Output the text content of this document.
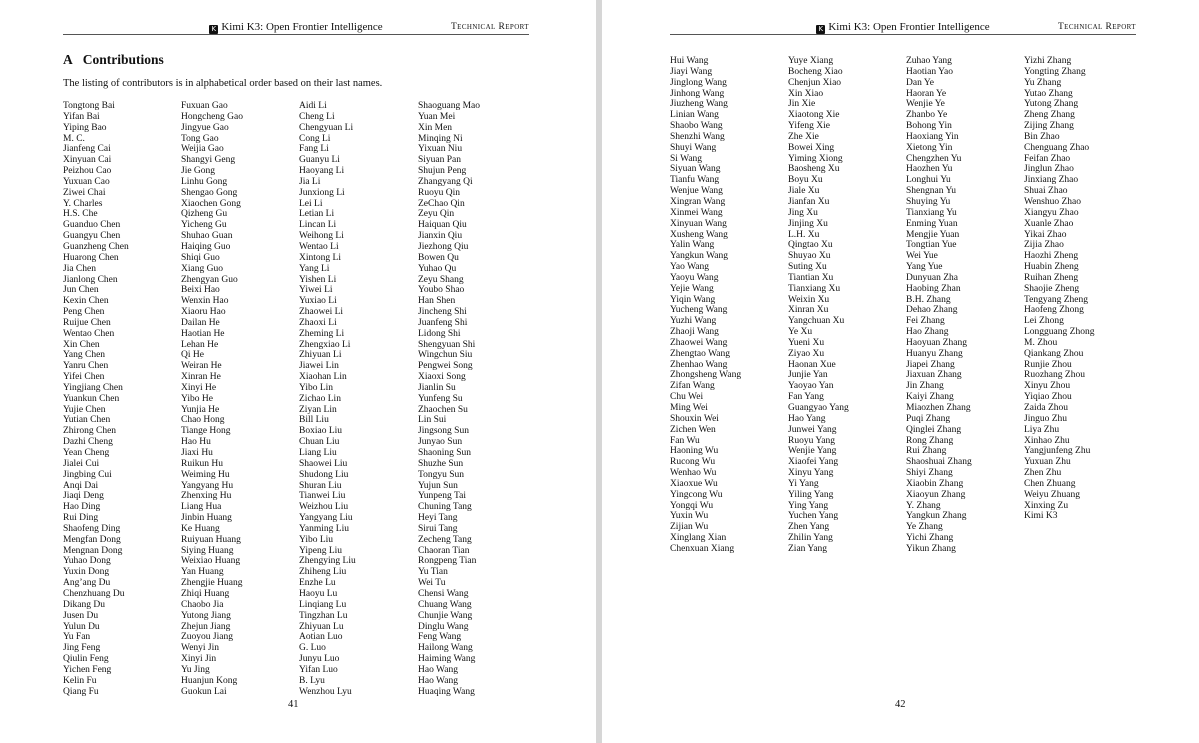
K Kimi K3: Open Frontier Intelligence	Technical Report
A Contributions
The listing of contributors is in alphabetical order based on their last names.
Tongtong Bai
Yifan Bai
Yiping Bao
M. C.
Jianfeng Cai
Xinyuan Cai
Peizhou Cao
Yuxuan Cao
Ziwei Chai
Y. Charles
H.S. Che
Guanduo Chen
Guangyu Chen
Guanzheng Chen
Huarong Chen
Jia Chen
Jianlong Chen
Jun Chen
Kexin Chen
Peng Chen
Ruijue Chen
Wentao Chen
Xin Chen
Yang Chen
Yanru Chen
Yifei Chen
Yingjiang Chen
Yuankun Chen
Yujie Chen
Yutian Chen
Zhirong Chen
Dazhi Cheng
Yean Cheng
Jialei Cui
Jingbing Cui
Anqi Dai
Jiaqi Deng
Hao Ding
Rui Ding
Shaofeng Ding
Mengfan Dong
Mengnan Dong
Yuhao Dong
Yuxin Dong
Ang’ang Du
Chenzhuang Du
Dikang Du
Jusen Du
Yulun Du
Yu Fan
Jing Feng
Qiulin Feng
Yichen Feng
Kelin Fu
Qiang Fu
Fuxuan Gao
Hongcheng Gao
Jingyue Gao
Tong Gao
Weijia Gao
Shangyi Geng
Jie Gong
Linhu Gong
Shengao Gong
Xiaochen Gong
Qizheng Gu
Yicheng Gu
Shuhao Guan
Haiqing Guo
Shiqi Guo
Xiang Guo
Zhengyan Guo
Beixi Hao
Wenxin Hao
Xiaoru Hao
Dailan He
Haotian He
Lehan He
Qi He
Weiran He
Xinran He
Xinyi He
Yibo He
Yunjia He
Chao Hong
Tiange Hong
Hao Hu
Jiaxi Hu
Ruikun Hu
Weiming Hu
Yangyang Hu
Zhenxing Hu
Liang Hua
Jinbin Huang
Ke Huang
Ruiyuan Huang
Siying Huang
Weixiao Huang
Yan Huang
Zhengjie Huang
Zhiqi Huang
Chaobo Jia
Yutong Jiang
Zhejun Jiang
Zuoyou Jiang
Wenyi Jin
Xinyi Jin
Yu Jing
Huanjun Kong
Guokun Lai
Aidi Li
Cheng Li
Chengyuan Li
Cong Li
Fang Li
Guanyu Li
Haoyang Li
Jia Li
Junxiong Li
Lei Li
Letian Li
Lincan Li
Weihong Li
Wentao Li
Xintong Li
Yang Li
Yishen Li
Yiwei Li
Yuxiao Li
Zhaowei Li
Zhaoxi Li
Zheming Li
Zhengxiao Li
Zhiyuan Li
Jiawei Lin
Xiaohan Lin
Yibo Lin
Zichao Lin
Ziyan Lin
Bill Liu
Boxiao Liu
Chuan Liu
Liang Liu
Shaowei Liu
Shudong Liu
Shuran Liu
Tianwei Liu
Weizhou Liu
Yangyang Liu
Yanming Liu
Yibo Liu
Yipeng Liu
Zhengying Liu
Zhiheng Liu
Enzhe Lu
Haoyu Lu
Linqiang Lu
Tingzhan Lu
Zhiyuan Lu
Aotian Luo
G. Luo
Junyu Luo
Yifan Luo
B. Lyu
Wenzhou Lyu
Shaoguang Mao
Yuan Mei
Xin Men
Minqing Ni
Yixuan Niu
Siyuan Pan
Shujun Peng
Zhangyang Qi
Ruoyu Qin
ZeChao Qin
Zeyu Qin
Haiquan Qiu
Jianxin Qiu
Jiezhong Qiu
Bowen Qu
Yuhao Qu
Zeyu Shang
Youbo Shao
Han Shen
Jincheng Shi
Juanfeng Shi
Lidong Shi
Shengyuan Shi
Wingchun Siu
Pengwei Song
Xiaoxi Song
Jianlin Su
Yunfeng Su
Zhaochen Su
Lin Sui
Jingsong Sun
Junyao Sun
Shaoning Sun
Shuzhe Sun
Tongyu Sun
Yujun Sun
Yunpeng Tai
Chuning Tang
Heyi Tang
Sirui Tang
Zecheng Tang
Chaoran Tian
Rongpeng Tian
Yu Tian
Wei Tu
Chensi Wang
Chuang Wang
Chunjie Wang
Dinglu Wang
Feng Wang
Hailong Wang
Haiming Wang
Hao Wang
Hao Wang
Huaqing Wang
41
K Kimi K3: Open Frontier Intelligence	Technical Report
Hui Wang
Jiayi Wang
Jinglong Wang
Jinhong Wang
Jiuzheng Wang
Linian Wang
Shaobo Wang
Shenzhi Wang
Shuyi Wang
Si Wang
Siyuan Wang
Tianfu Wang
Wenjue Wang
Xingran Wang
Xinmei Wang
Xinyuan Wang
Xusheng Wang
Yalin Wang
Yangkun Wang
Yao Wang
Yaoyu Wang
Yejie Wang
Yiqin Wang
Yucheng Wang
Yuzhi Wang
Zhaoji Wang
Zhaowei Wang
Zhengtao Wang
Zhenhao Wang
Zhongsheng Wang
Zifan Wang
Chu Wei
Ming Wei
Shouxin Wei
Zichen Wen
Fan Wu
Haoning Wu
Rucong Wu
Wenhao Wu
Xiaoxue Wu
Yingcong Wu
Yongqi Wu
Yuxin Wu
Zijian Wu
Xinglang Xian
Chenxuan Xiang
Yuye Xiang
Bocheng Xiao
Chenjun Xiao
Xin Xiao
Jin Xie
Xiaotong Xie
Yifeng Xie
Zhe Xie
Bowei Xing
Yiming Xiong
Baosheng Xu
Boyu Xu
Jiale Xu
Jianfan Xu
Jing Xu
Jinjing Xu
L.H. Xu
Qingtao Xu
Shuyao Xu
Suting Xu
Tiantian Xu
Tianxiang Xu
Weixin Xu
Xinran Xu
Yangchuan Xu
Ye Xu
Yueni Xu
Ziyao Xu
Haonan Xue
Junjie Yan
Yaoyao Yan
Fan Yang
Guangyao Yang
Hao Yang
Junwei Yang
Ruoyu Yang
Wenjie Yang
Xiaofei Yang
Xinyu Yang
Yi Yang
Yiling Yang
Ying Yang
Yuchen Yang
Zhen Yang
Zhilin Yang
Zian Yang
Zuhao Yang
Haotian Yao
Dan Ye
Haoran Ye
Wenjie Ye
Zhanbo Ye
Bohong Yin
Haoxiang Yin
Xietong Yin
Chengzhen Yu
Haozhen Yu
Longhui Yu
Shengnan Yu
Shuying Yu
Tianxiang Yu
Enming Yuan
Mengjie Yuan
Tongtian Yue
Wei Yue
Yang Yue
Dunyuan Zha
Haobing Zhan
B.H. Zhang
Dehao Zhang
Fei Zhang
Hao Zhang
Haoyuan Zhang
Huanyu Zhang
Jiapei Zhang
Jiaxuan Zhang
Jin Zhang
Kaiyi Zhang
Miaozhen Zhang
Puqi Zhang
Qinglei Zhang
Rong Zhang
Rui Zhang
Shaoshuai Zhang
Shiyi Zhang
Xiaobin Zhang
Xiaoyun Zhang
Y. Zhang
Yangkun Zhang
Ye Zhang
Yichi Zhang
Yikun Zhang
Yizhi Zhang
Yongting Zhang
Yu Zhang
Yutao Zhang
Yutong Zhang
Zheng Zhang
Zijing Zhang
Bin Zhao
Chenguang Zhao
Feifan Zhao
Jinglun Zhao
Jinxiang Zhao
Shuai Zhao
Wenshuo Zhao
Xiangyu Zhao
Xuanle Zhao
Yikai Zhao
Zijia Zhao
Haozhi Zheng
Huabin Zheng
Ruihan Zheng
Shaojie Zheng
Tengyang Zheng
Haofeng Zhong
Lei Zhong
Longguang Zhong
M. Zhou
Qiankang Zhou
Runjie Zhou
Ruozhang Zhou
Xinyu Zhou
Yiqiao Zhou
Zaida Zhou
Jinguo Zhu
Liya Zhu
Xinhao Zhu
Yangjunfeng Zhu
Yuxuan Zhu
Zhen Zhu
Chen Zhuang
Weiyu Zhuang
Xinxing Zu
Kimi K3
42
